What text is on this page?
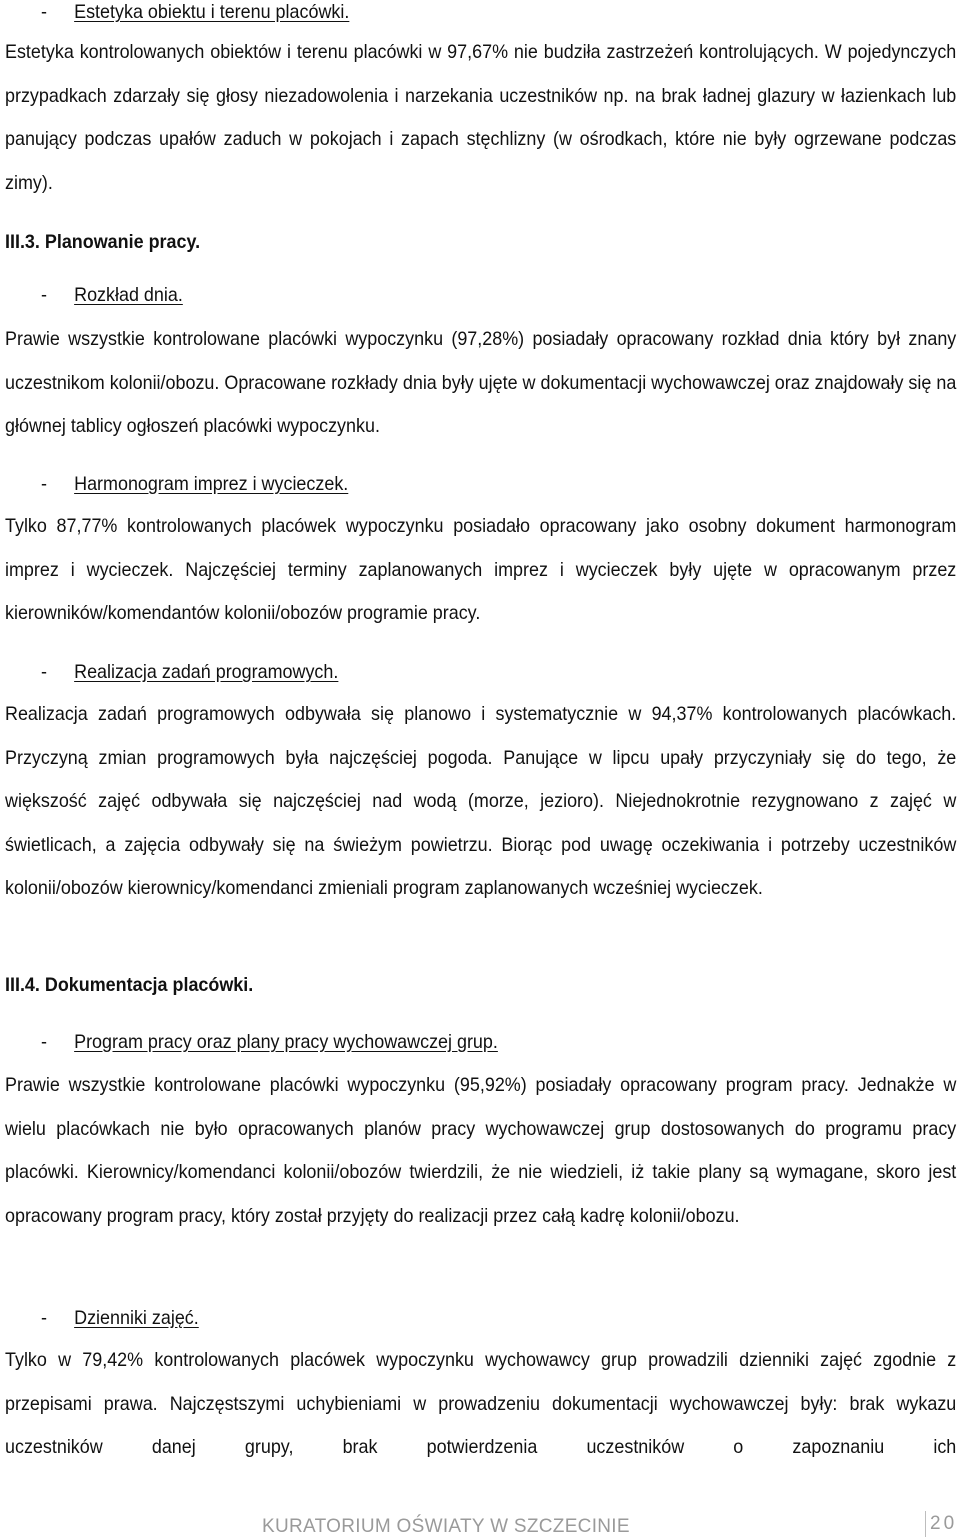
- Estetyka obiektu i terenu placówki.
Estetyka kontrolowanych obiektów i terenu placówki w 97,67% nie budziła zastrzeżeń kontrolujących. W pojedynczych przypadkach zdarzały się głosy niezadowolenia i narzekania uczestników np. na brak ładnej glazury w łazienkach lub panujący podczas upałów zaduch w pokojach i zapach stęchlizny (w ośrodkach, które nie były ogrzewane podczas zimy).
III.3. Planowanie pracy.
- Rozkład dnia.
Prawie wszystkie kontrolowane placówki wypoczynku (97,28%) posiadały opracowany rozkład dnia który był znany uczestnikom kolonii/obozu. Opracowane rozkłady dnia były ujęte w dokumentacji wychowawczej oraz znajdowały się na głównej tablicy ogłoszeń placówki wypoczynku.
- Harmonogram imprez i wycieczek.
Tylko 87,77% kontrolowanych placówek wypoczynku posiadało opracowany jako osobny dokument harmonogram imprez i wycieczek. Najczęściej terminy zaplanowanych imprez i wycieczek były ujęte w opracowanym przez kierowników/komendantów kolonii/obozów programie pracy.
- Realizacja zadań programowych.
Realizacja zadań programowych odbywała się planowo i systematycznie w 94,37% kontrolowanych placówkach. Przyczyną zmian programowych była najczęściej pogoda. Panujące w lipcu upały przyczyniały się do tego, że większość zajęć odbywała się najczęściej nad wodą (morze, jezioro). Niejednokrotnie rezygnowano z zajęć w świetlicach, a zajęcia odbywały się na świeżym powietrzu. Biorąc pod uwagę oczekiwania i potrzeby uczestników kolonii/obozów kierownicy/komendanci zmieniali program zaplanowanych wcześniej wycieczek.
III.4. Dokumentacja placówki.
- Program pracy oraz plany pracy wychowawczej grup.
Prawie wszystkie kontrolowane placówki wypoczynku (95,92%) posiadały opracowany program pracy. Jednakże w wielu placówkach nie było opracowanych planów pracy wychowawczej grup dostosowanych do programu pracy placówki. Kierownicy/komendanci kolonii/obozów twierdzili, że nie wiedzieli, iż takie plany są wymagane, skoro jest opracowany program pracy, który został przyjęty do realizacji przez całą kadrę kolonii/obozu.
- Dzienniki zajęć.
Tylko w 79,42% kontrolowanych placówek wypoczynku wychowawcy grup prowadzili dzienniki zajęć zgodnie z przepisami prawa. Najczęstszymi uchybieniami w prowadzeniu dokumentacji wychowawczej były: brak wykazu uczestników danej grupy, brak potwierdzenia uczestników o zapoznaniu ich
KURATORIUM OŚWIATY W SZCZECINIE	20
